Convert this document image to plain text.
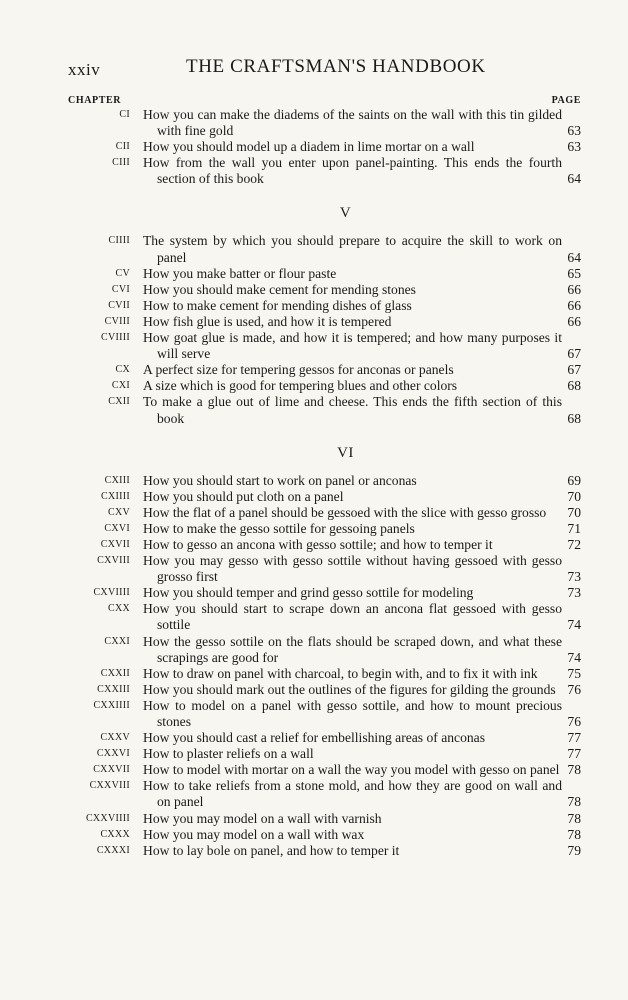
xxiv	THE CRAFTSMAN'S HANDBOOK
CHAPTER	PAGE
CI How you can make the diadems of the saints on the wall with this tin gilded with fine gold	63
CII How you should model up a diadem in lime mortar on a wall	63
CIII How from the wall you enter upon panel-painting. This ends the fourth section of this book	64
V
CIIII The system by which you should prepare to acquire the skill to work on panel	64
CV How you make batter or flour paste	65
CVI How you should make cement for mending stones	66
CVII How to make cement for mending dishes of glass	66
CVIII How fish glue is used, and how it is tempered	66
CVIIII How goat glue is made, and how it is tempered; and how many purposes it will serve	67
CX A perfect size for tempering gessos for anconas or panels	67
CXI A size which is good for tempering blues and other colors	68
CXII To make a glue out of lime and cheese. This ends the fifth section of this book	68
VI
CXIII How you should start to work on panel or anconas	69
CXIIII How you should put cloth on a panel	70
CXV How the flat of a panel should be gessoed with the slice with gesso grosso	70
CXVI How to make the gesso sottile for gessoing panels	71
CXVII How to gesso an ancona with gesso sottile; and how to temper it	72
CXVIII How you may gesso with gesso sottile without having gessoed with gesso grosso first	73
CXVIIII How you should temper and grind gesso sottile for modeling	73
CXX How you should start to scrape down an ancona flat gessoed with gesso sottile	74
CXXI How the gesso sottile on the flats should be scraped down, and what these scrapings are good for	74
CXXII How to draw on panel with charcoal, to begin with, and to fix it with ink	75
CXXIII How you should mark out the outlines of the figures for gilding the grounds 76
CXXIIII How to model on a panel with gesso sottile, and how to mount precious stones	76
CXXV How you should cast a relief for embellishing areas of anconas	77
CXXVI How to plaster reliefs on a wall	77
CXXVII How to model with mortar on a wall the way you model with gesso on panel 78
CXXVIII How to take reliefs from a stone mold, and how they are good on wall and on panel	78
CXXVIIII How you may model on a wall with varnish	78
CXXX How you may model on a wall with wax	78
CXXXI How to lay bole on panel, and how to temper it	79
